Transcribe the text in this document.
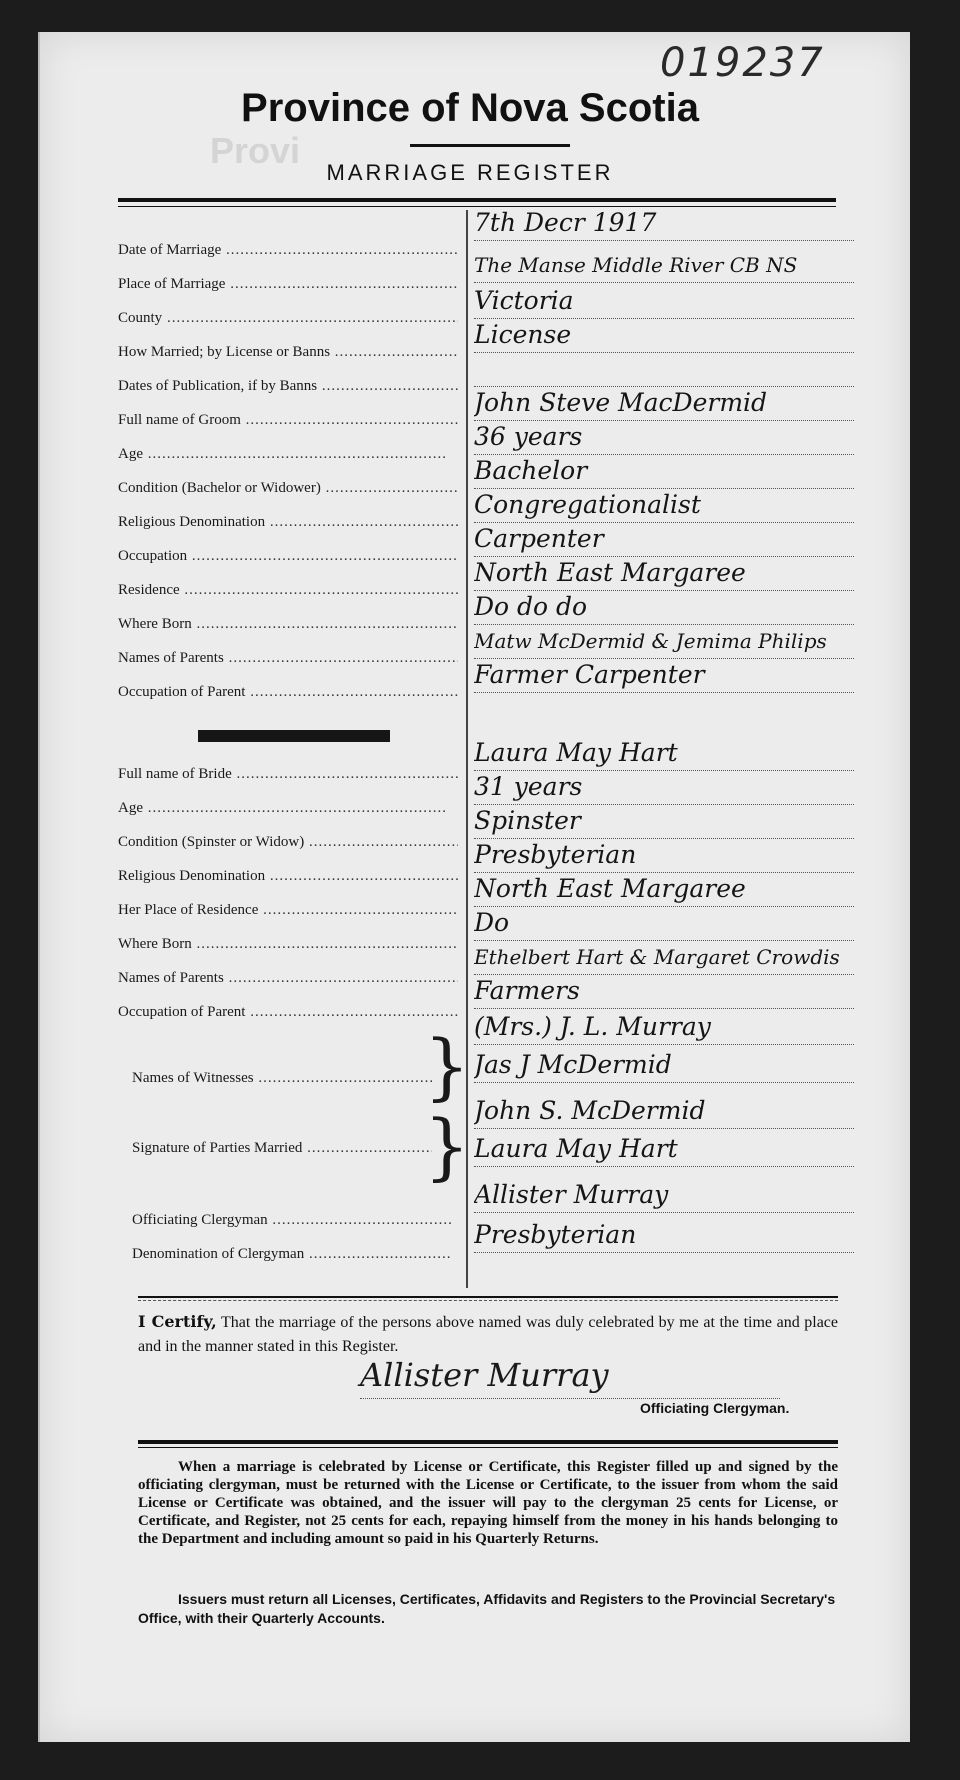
Provi
019237
Province of Nova Scotia
MARRIAGE REGISTER
Date of Marriage .....
7th Decr 1917
Place of Marriage .....
The Manse Middle River CB NS
County .....
Victoria
How Married; by License or Banns .....
License
Dates of Publication, if by Banns .....
Full name of Groom .....
John Steve MacDermid
Age .....
36 years
Condition (Bachelor or Widower) .....
Bachelor
Religious Denomination .....
Congregationalist
Occupation .....
Carpenter
Residence .....
North East Margaree
Where Born .....
Do do do
Names of Parents .....
Matw McDermid & Jemima Philips
Occupation of Parent .....
Farmer Carpenter
Full name of Bride .....
Laura May Hart
Age .....
31 years
Condition (Spinster or Widow) .....
Spinster
Religious Denomination .....
Presbyterian
Her Place of Residence .....
North East Margaree
Where Born .....
Do
Names of Parents .....
Ethelbert Hart & Margaret Crowdis
Occupation of Parent .....
Farmers
Names of Witnesses .....	} (Mrs.) J. L. Murray
Jas J McDermid
Signature of Parties Married .....	} John S. McDermid
Laura May Hart
Officiating Clergyman .....
Allister Murray
Denomination of Clergyman .....
Presbyterian
I Certify, That the marriage of the persons above named was duly celebrated by me at the time and place and in the manner stated in this Register.
Allister Murray
Officiating Clergyman.
When a marriage is celebrated by License or Certificate, this Register filled up and signed by the officiating clergyman, must be returned with the License or Certificate, to the issuer from whom the said License or Certificate was obtained, and the issuer will pay to the clergyman 25 cents for License, or Certificate, and Register, not 25 cents for each, repaying himself from the money in his hands belonging to the Department and including amount so paid in his Quarterly Returns.
Issuers must return all Licenses, Certificates, Affidavits and Registers to the Provincial Secretary's Office, with their Quarterly Accounts.
